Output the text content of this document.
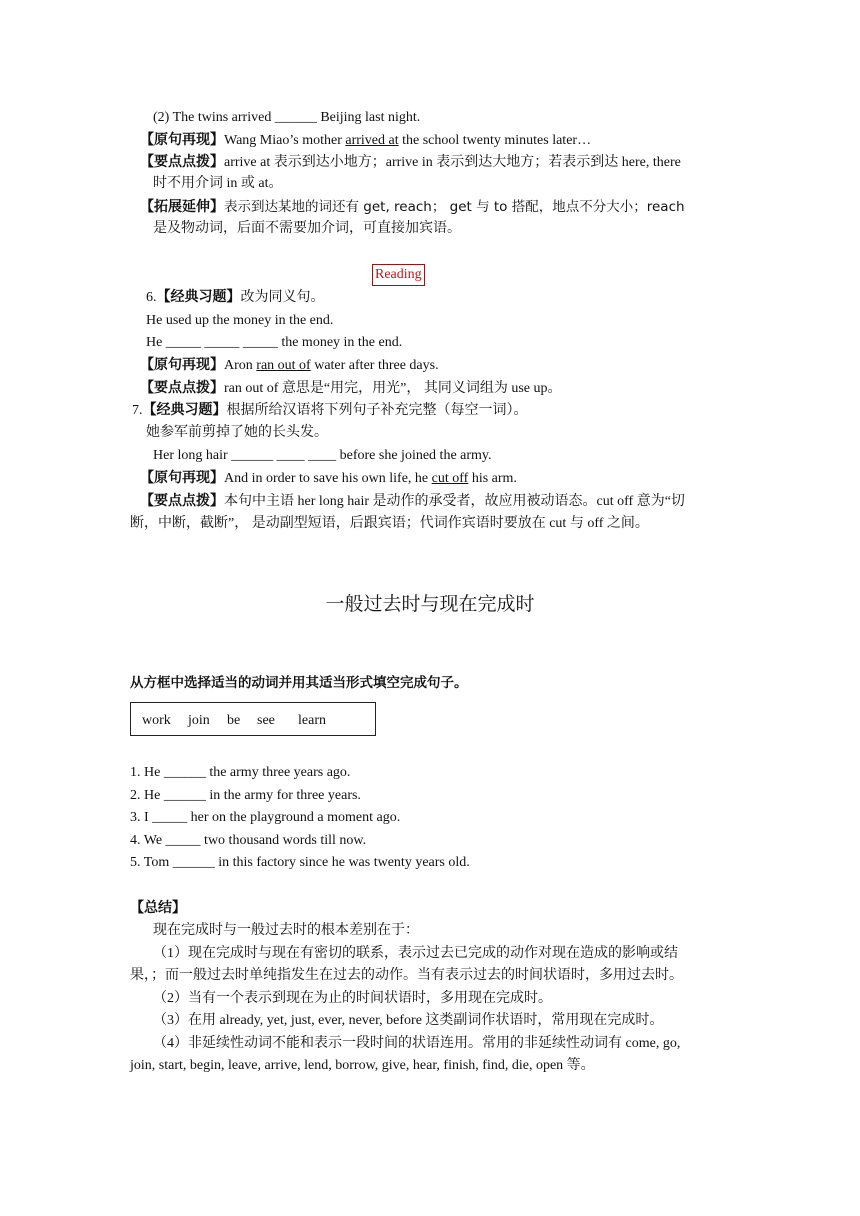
(2) The twins arrived ______ Beijing last night.
【原句再现】Wang Miao’s mother arrived at the school twenty minutes later…
【要点点拨】arrive at 表示到达小地方；arrive in 表示到达大地方；若表示到达 here, there
时不用介词 in 或 at。
【拓展延伸】表示到达某地的词还有 get, reach； get 与 to 搭配，地点不分大小；reach
是及物动词，后面不需要加介词，可直接加宾语。
Reading
6.【经典习题】改为同义句。
He used up the money in the end.
He _____ _____ _____ the money in the end.
【原句再现】Aron ran out of water after three days.
【要点点拨】ran out of 意思是“用完，用光”， 其同义词组为 use up。
7.【经典习题】根据所给汉语将下列句子补充完整（每空一词）。
她参军前剪掉了她的长头发。
Her long hair ______ ____ ____ before she joined the army.
【原句再现】And in order to save his own life, he cut off his arm.
【要点点拨】本句中主语 her long hair 是动作的承受者，故应用被动语态。cut off 意为“切
断，中断，截断”， 是动副型短语，后跟宾语；代词作宾语时要放在 cut 与 off 之间。
一般过去时与现在完成时
从方框中选择适当的动词并用其适当形式填空完成句子。
work join be see learn
1. He ______ the army three years ago.
2. He ______ in the army for three years.
3. I _____ her on the playground a moment ago.
4. We _____ two thousand words till now.
5. Tom ______ in this factory since he was twenty years old.
【总结】
现在完成时与一般过去时的根本差别在于：
（1）现在完成时与现在有密切的联系，表示过去已完成的动作对现在造成的影响或结
果，；而一般过去时单纯指发生在过去的动作。当有表示过去的时间状语时，多用过去时。
（2）当有一个表示到现在为止的时间状语时，多用现在完成时。
（3）在用 already, yet, just, ever, never, before 这类副词作状语时，常用现在完成时。
（4）非延续性动词不能和表示一段时间的状语连用。常用的非延续性动词有 come, go,
join, start, begin, leave, arrive, lend, borrow, give, hear, finish, find, die, open 等。
